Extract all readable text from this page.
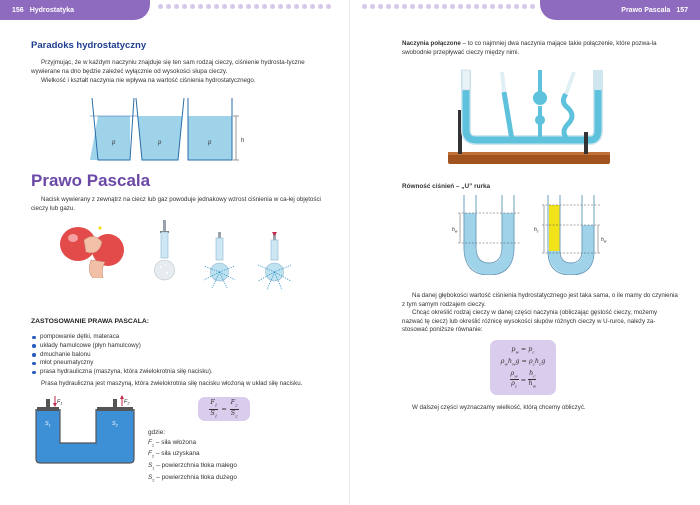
156 Hydrostatyka
Paradoks hydrostatyczny
Przyjmując, że w każdym naczyniu znajduje się ten sam rodzaj cieczy, ciśnienie hydrosta-tyczne wywierane na dno będzie zależeć wyłącznie od wysokości słupa cieczy.
Wielkość i kształt naczynia nie wpływa na wartość ciśnienia hydrostatycznego.
h
p	p	p
Prawo Pascala
Nacisk wywierany z zewnątrz na ciecz lub gaz powoduje jednakowy wzrost ciśnienia w ca-łej objętości cieczy lub gazu.
ZASTOSOWANIE PRAWA PASCALA:
pompowanie dętki, materaca
układy hamulcowe (płyn hamulcowy)
dmuchanie balonu
młot pneumatyczny
prasa hydrauliczna (maszyna, która zwielokrotnia siłę nacisku).
Prasa hydrauliczna jest maszyną, która zwielokrotnia siłę nacisku włożoną w układ siłę nacisku.
$F_1$	$F_2$
$S_1$	$S_2$
$\frac{F_1}{S_1} = \frac{F_2}{S_2}$
gdzie:
$F_1$ – siła włożona
$F_2$ – siła uzyskana
$S_1$ – powierzchnia tłoka małego
$S_2$ – powierzchnia tłoka dużego
Prawo Pascala 157
Naczynia połączone – to co najmniej dwa naczynia mające takie połączenie, które pozwa-la swobodnie przepływać cieczy między nimi.
Równość ciśnień – „U” rurka
$h_w$	$h_c$
$h_w$
Na danej głębokości wartość ciśnienia hydrostatycznego jest taka sama, o ile mamy do czynienia z tym samym rodzajem cieczy.
Chcąc określić rodzaj cieczy w danej części naczynia (obliczając gęstość cieczy, możemy nazwać tę ciecz) lub określić różnicę wysokości słupów różnych cieczy w U-rurce, należy za-stosować poniższe równanie:
$p_w = p_c$
$\rho_wh_wg = \rho_ch_cg$
$\frac{\rho_w}{\rho_c} = \frac{h_c}{h_w}$
W dalszej części wyznaczamy wielkość, którą chcemy obliczyć.
